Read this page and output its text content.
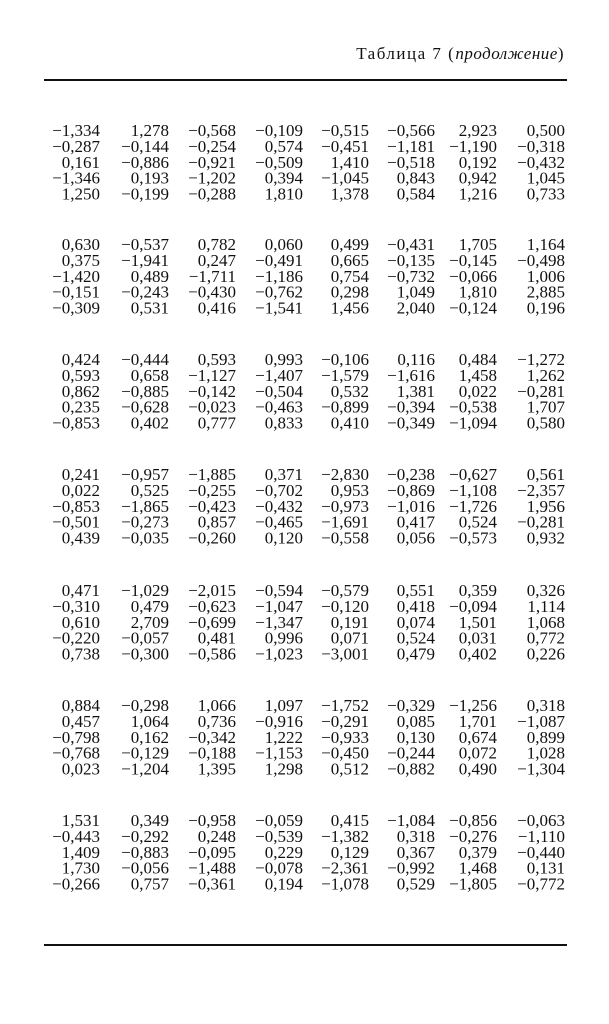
Таблица 7 (продолжение)
−1,334 1,278 −0,568 −0,109 −0,515 −0,566 2,923 0,500
−0,287 −0,144 −0,254 0,574 −0,451 −1,181 −1,190 −0,318
0,161 −0,886 −0,921 −0,509 1,410 −0,518 0,192 −0,432
−1,346 0,193 −1,202 0,394 −1,045 0,843 0,942 1,045
1,250 −0,199 −0,288 1,810 1,378 0,584 1,216 0,733
0,630 −0,537 0,782 0,060 0,499 −0,431 1,705 1,164
0,375 −1,941 0,247 −0,491 0,665 −0,135 −0,145 −0,498
−1,420 0,489 −1,711 −1,186 0,754 −0,732 −0,066 1,006
−0,151 −0,243 −0,430 −0,762 0,298 1,049 1,810 2,885
−0,309 0,531 0,416 −1,541 1,456 2,040 −0,124 0,196
0,424 −0,444 0,593 0,993 −0,106 0,116 0,484 −1,272
0,593 0,658 −1,127 −1,407 −1,579 −1,616 1,458 1,262
0,862 −0,885 −0,142 −0,504 0,532 1,381 0,022 −0,281
0,235 −0,628 −0,023 −0,463 −0,899 −0,394 −0,538 1,707
−0,853 0,402 0,777 0,833 0,410 −0,349 −1,094 0,580
0,241 −0,957 −1,885 0,371 −2,830 −0,238 −0,627 0,561
0,022 0,525 −0,255 −0,702 0,953 −0,869 −1,108 −2,357
−0,853 −1,865 −0,423 −0,432 −0,973 −1,016 −1,726 1,956
−0,501 −0,273 0,857 −0,465 −1,691 0,417 0,524 −0,281
0,439 −0,035 −0,260 0,120 −0,558 0,056 −0,573 0,932
0,471 −1,029 −2,015 −0,594 −0,579 0,551 0,359 0,326
−0,310 0,479 −0,623 −1,047 −0,120 0,418 −0,094 1,114
0,610 2,709 −0,699 −1,347 0,191 0,074 1,501 1,068
−0,220 −0,057 0,481 0,996 0,071 0,524 0,031 0,772
0,738 −0,300 −0,586 −1,023 −3,001 0,479 0,402 0,226
0,884 −0,298 1,066 1,097 −1,752 −0,329 −1,256 0,318
0,457 1,064 0,736 −0,916 −0,291 0,085 1,701 −1,087
−0,798 0,162 −0,342 1,222 −0,933 0,130 0,674 0,899
−0,768 −0,129 −0,188 −1,153 −0,450 −0,244 0,072 1,028
0,023 −1,204 1,395 1,298 0,512 −0,882 0,490 −1,304
1,531 0,349 −0,958 −0,059 0,415 −1,084 −0,856 −0,063
−0,443 −0,292 0,248 −0,539 −1,382 0,318 −0,276 −1,110
1,409 −0,883 −0,095 0,229 0,129 0,367 0,379 −0,440
1,730 −0,056 −1,488 −0,078 −2,361 −0,992 1,468 0,131
−0,266 0,757 −0,361 0,194 −1,078 0,529 −1,805 −0,772
